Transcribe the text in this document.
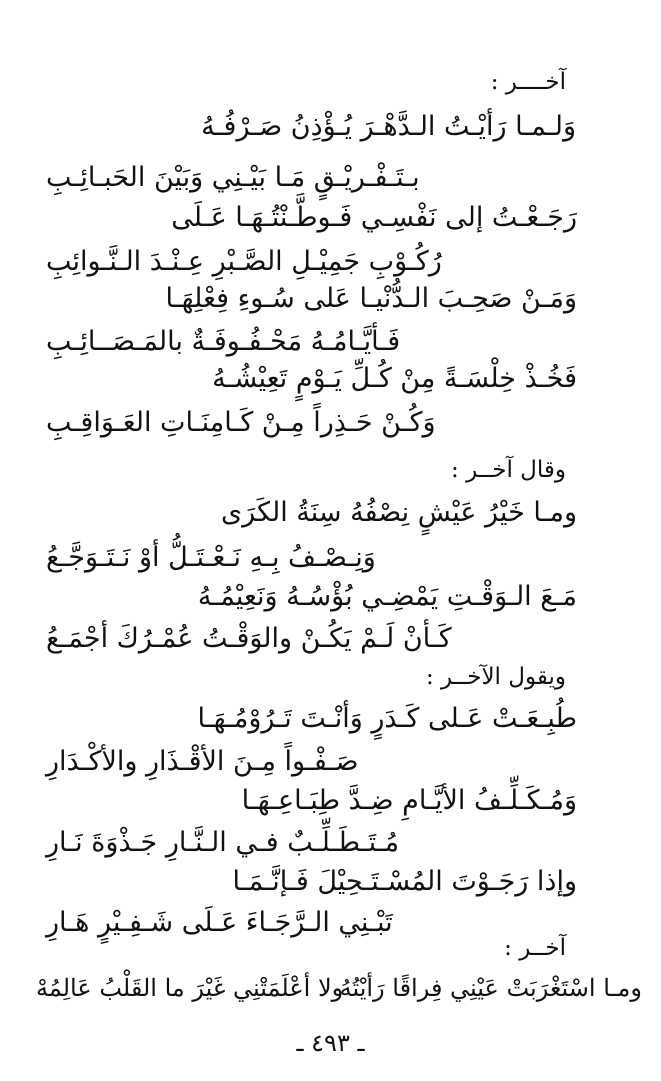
آخــــر :
وَلـمـا رَأيْـتُ الـدَّهْـرَ يُـؤْذِنُ صَـرْفُـهُ
بـتَـفْـريْـقٍ مَـا بَيْـنِي وَبَيْنَ الحَبـائِـبِ
رَجَـعْـتُ إلى نَفْسِـي فَـوطَّـنْتُـهَـا عَـلَى
رُكُـوْبِ جَمِيْـلِ الصَّـبْرِ عِـنْـدَ الـنَّـوائِبِ
وَمَـنْ صَحِـبَ الـدُّنْيـا عَلى سُـوءِ فِعْلِهَـا
فَـأيَّـامُـهُ مَحْـفُـوفَـةٌ بالمَـصَــائِـبِ
فَخُـذْ خِلْسَـةً مِنْ كُـلِّ يَـوْمٍ تَعِيْشُـهُ
وَكُـنْ حَـذِراً مِـنْ كَـامِنَـاتِ العَـوَاقِـبِ
وقال آخــر :
ومـا خَيْرُ عَيْشٍ نِصْفُهُ سِنَةُ الكَرَى
وَنِـصْـفُ بِـهِ نَـعْـتَـلُّ أوْ نَـتَـوَجَّـعُ
مَـعَ الـوَقْـتِ يَمْضِـي بُؤْسُـهُ وَنَعِيْمُـهُ
كَـأنْ لَـمْ يَكُـنْ والوَقْـتُ عُمْـرُكَ أجْمَـعُ
ويقول الآخــر :
طُبِـعَـتْ عَـلى كَـدَرٍ وَأنْـتَ تَـرُوْمُـهَـا
صَـفْـواً مِـنَ الأقْـذَارِ والأكْـدَارِ
وَمُـكَـلِّـفُ الأيَّـامِ ضِـدَّ طِبَـاعِـهَـا
مُـتَـطَـلِّـبٌ فـي الـنَّـارِ جَـذْوَةَ نَـارِ
وإذا رَجَـوْتَ المُسْـتَـحِيْلَ فَـإنَّـمَـا
تَبْـنِي الـرَّجَـاءَ عَـلَى شَـفِـيْرٍ هَـارِ
آخــر :
ومـا اسْتَغْرَبَتْ عَيْنِي فِراقًا رَأيْتُهُ
ولا أعْلَمَتْنِي غَيْرَ ما القَلْبُ عَالِمُهْ
ـ ٤٩٣ ـ
